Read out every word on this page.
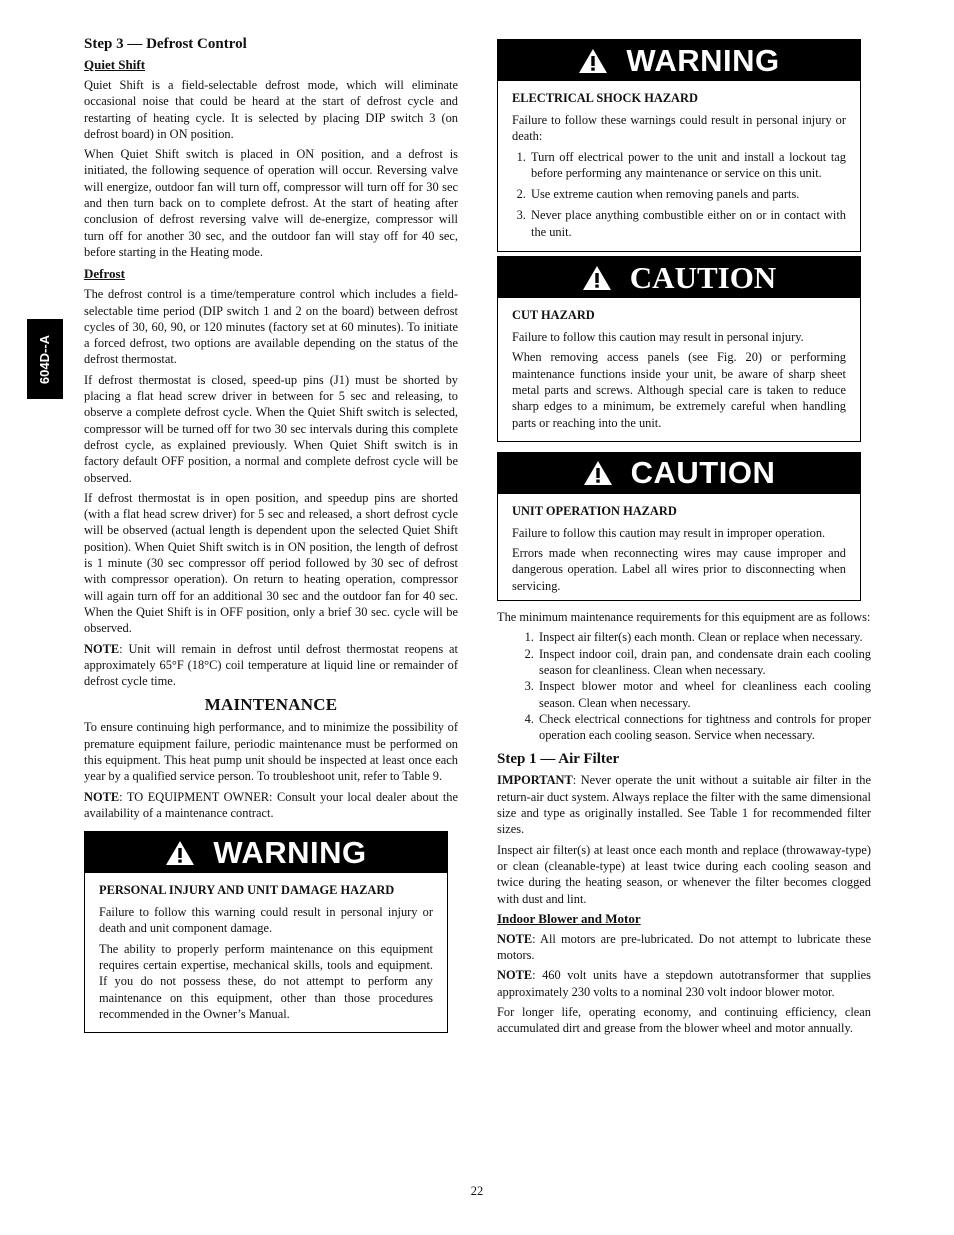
604D--A
Step 3 — Defrost Control
Quiet Shift

Quiet Shift is a field-selectable defrost mode, which will eliminate occasional noise that could be heard at the start of defrost cycle and restarting of heating cycle. It is selected by placing DIP switch 3 (on defrost board) in ON position.

When Quiet Shift switch is placed in ON position, and a defrost is initiated, the following sequence of operation will occur. Reversing valve will energize, outdoor fan will turn off, compressor will turn off for 30 sec and then turn back on to complete defrost. At the start of heating after conclusion of defrost reversing valve will de-energize, compressor will turn off for another 30 sec, and the outdoor fan will stay off for 40 sec, before starting in the Heating mode.

Defrost

The defrost control is a time/temperature control which includes a field-selectable time period (DIP switch 1 and 2 on the board) between defrost cycles of 30, 60, 90, or 120 minutes (factory set at 60 minutes). To initiate a forced defrost, two options are available depending on the status of the defrost thermostat.

If defrost thermostat is closed, speed-up pins (J1) must be shorted by placing a flat head screw driver in between for 5 sec and releasing, to observe a complete defrost cycle. When the Quiet Shift switch is selected, compressor will be turned off for two 30 sec intervals during this complete defrost cycle, as explained previously. When Quiet Shift switch is in factory default OFF position, a normal and complete defrost cycle will be observed.

If defrost thermostat is in open position, and speedup pins are shorted (with a flat head screw driver) for 5 sec and released, a short defrost cycle will be observed (actual length is dependent upon the selected Quiet Shift position). When Quiet Shift switch is in ON position, the length of defrost is 1 minute (30 sec compressor off period followed by 30 sec of defrost with compressor operation). On return to heating operation, compressor will again turn off for an additional 30 sec and the outdoor fan for 40 sec. When the Quiet Shift is in OFF position, only a brief 30 sec. cycle will be observed.

NOTE: Unit will remain in defrost until defrost thermostat reopens at approximately 65°F (18°C) coil temperature at liquid line or remainder of defrost cycle time.

MAINTENANCE

To ensure continuing high performance, and to minimize the possibility of premature equipment failure, periodic maintenance must be performed on this equipment. This heat pump unit should be inspected at least once each year by a qualified service person. To troubleshoot unit, refer to Table 9.

NOTE: TO EQUIPMENT OWNER: Consult your local dealer about the availability of a maintenance contract.

WARNING
PERSONAL INJURY AND UNIT DAMAGE HAZARD

Failure to follow this warning could result in personal injury or death and unit component damage.

The ability to properly perform maintenance on this equipment requires certain expertise, mechanical skills, tools and equipment. If you do not possess these, do not attempt to perform any maintenance on this equipment, other than those procedures recommended in the Owner’s Manual.

WARNING
ELECTRICAL SHOCK HAZARD

Failure to follow these warnings could result in personal injury or death:

1. Turn off electrical power to the unit and install a lockout tag before performing any maintenance or service on this unit.
2. Use extreme caution when removing panels and parts.
3. Never place anything combustible either on or in contact with the unit.
CAUTION
CUT HAZARD

Failure to follow this caution may result in personal injury.

When removing access panels (see Fig. 20) or performing maintenance functions inside your unit, be aware of sharp sheet metal parts and screws. Although special care is taken to reduce sharp edges to a minimum, be extremely careful when handling parts or reaching into the unit.

CAUTION
UNIT OPERATION HAZARD

Failure to follow this caution may result in improper operation.

Errors made when reconnecting wires may cause improper and dangerous operation. Label all wires prior to disconnecting when servicing.

The minimum maintenance requirements for this equipment are as follows:

1. Inspect air filter(s) each month. Clean or replace when necessary.
2. Inspect indoor coil, drain pan, and condensate drain each cooling season for cleanliness. Clean when necessary.
3. Inspect blower motor and wheel for cleanliness each cooling season. Clean when necessary.
4. Check electrical connections for tightness and controls for proper operation each cooling season. Service when necessary.
Step 1 — Air Filter

IMPORTANT: Never operate the unit without a suitable air filter in the return-air duct system. Always replace the filter with the same dimensional size and type as originally installed. See Table 1 for recommended filter sizes.

Inspect air filter(s) at least once each month and replace (throwaway-type) or clean (cleanable-type) at least twice during each cooling season and twice during the heating season, or whenever the filter becomes clogged with dust and lint.

Indoor Blower and Motor

NOTE: All motors are pre-lubricated. Do not attempt to lubricate these motors.

NOTE: 460 volt units have a stepdown autotransformer that supplies approximately 230 volts to a nominal 230 volt indoor blower motor.

For longer life, operating economy, and continuing efficiency, clean accumulated dirt and grease from the blower wheel and motor annually.

22
